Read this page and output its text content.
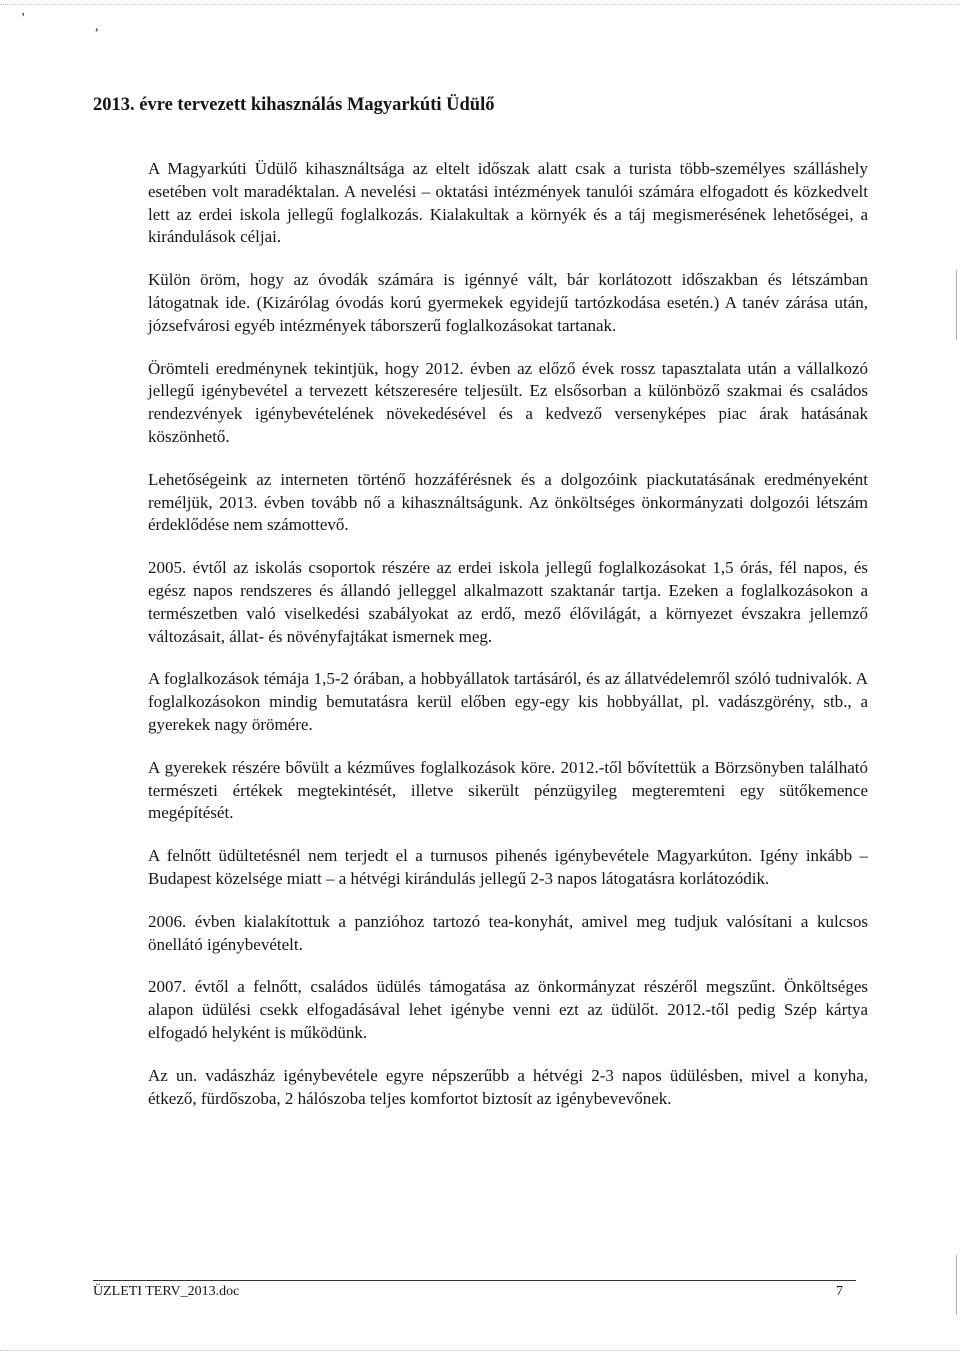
'
,
2013. évre tervezett kihasználás Magyarkúti Üdülő

A Magyarkúti Üdülő kihasználtsága az eltelt időszak alatt csak a turista több-személyes szálláshely esetében volt maradéktalan. A nevelési – oktatási intézmények tanulói számára elfogadott és közkedvelt lett az erdei iskola jellegű foglalkozás. Kialakultak a környék és a táj megismerésének lehetőségei, a kirándulások céljai.

Külön öröm, hogy az óvodák számára is igénnyé vált, bár korlátozott időszakban és létszámban látogatnak ide. (Kizárólag óvodás korú gyermekek egyidejű tartózkodása esetén.) A tanév zárása után, józsefvárosi egyéb intézmények táborszerű foglalkozásokat tartanak.

Örömteli eredménynek tekintjük, hogy 2012. évben az előző évek rossz tapasztalata után a vállalkozó jellegű igénybevétel a tervezett kétszeresére teljesült. Ez elsősorban a különböző szakmai és családos rendezvények igénybevételének növekedésével és a kedvező versenyképes piac árak hatásának köszönhető.

Lehetőségeink az interneten történő hozzáférésnek és a dolgozóink piackutatásának eredményeként reméljük, 2013. évben tovább nő a kihasználtságunk. Az önköltséges önkormányzati dolgozói létszám érdeklődése nem számottevő.

2005. évtől az iskolás csoportok részére az erdei iskola jellegű foglalkozásokat 1,5 órás, fél napos, és egész napos rendszeres és állandó jelleggel alkalmazott szaktanár tartja. Ezeken a foglalkozásokon a természetben való viselkedési szabályokat az erdő, mező élővilágát, a környezet évszakra jellemző változásait, állat- és növényfajtákat ismernek meg.

A foglalkozások témája 1,5-2 órában, a hobbyállatok tartásáról, és az állatvédelemről szóló tudnivalók. A foglalkozásokon mindig bemutatásra kerül előben egy-egy kis hobbyállat, pl. vadászgörény, stb., a gyerekek nagy örömére.

A gyerekek részére bővült a kézműves foglalkozások köre. 2012.-től bővítettük a Börzsönyben található természeti értékek megtekintését, illetve sikerült pénzügyileg megteremteni egy sütőkemence megépítését.

A felnőtt üdültetésnél nem terjedt el a turnusos pihenés igénybevétele Magyarkúton. Igény inkább – Budapest közelsége miatt – a hétvégi kirándulás jellegű 2-3 napos látogatásra korlátozódik.

2006. évben kialakítottuk a panzióhoz tartozó tea-konyhát, amivel meg tudjuk valósítani a kulcsos önellátó igénybevételt.

2007. évtől a felnőtt, családos üdülés támogatása az önkormányzat részéről megszűnt. Önköltséges alapon üdülési csekk elfogadásával lehet igénybe venni ezt az üdülőt. 2012.-től pedig Szép kártya elfogadó helyként is működünk.

Az un. vadászház igénybevétele egyre népszerűbb a hétvégi 2-3 napos üdülésben, mivel a konyha, étkező, fürdőszoba, 2 hálószoba teljes komfortot biztosít az igénybevevőnek.

ÜZLETI TERV_2013.doc	7
